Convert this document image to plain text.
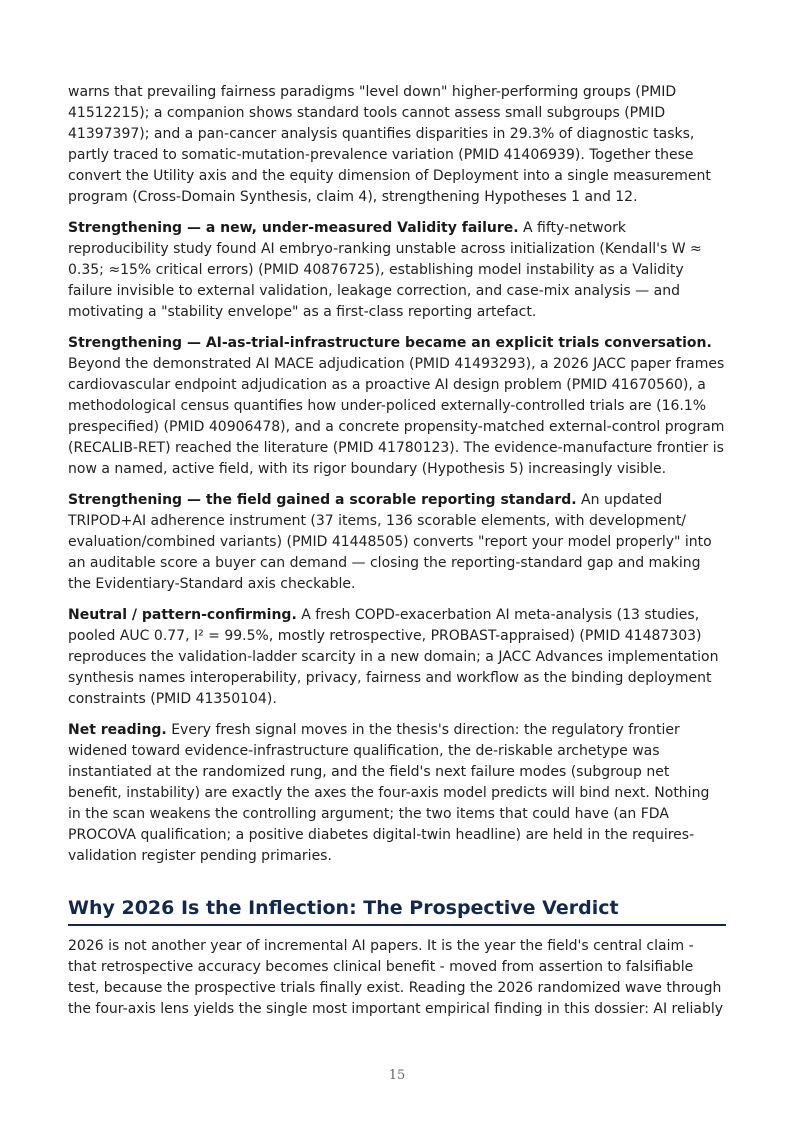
warns that prevailing fairness paradigms "level down" higher-performing groups (PMID 41512215); a companion shows standard tools cannot assess small subgroups (PMID 41397397); and a pan-cancer analysis quantifies disparities in 29.3% of diagnostic tasks, partly traced to somatic-mutation-prevalence variation (PMID 41406939). Together these convert the Utility axis and the equity dimension of Deployment into a single measurement program (Cross-Domain Synthesis, claim 4), strengthening Hypotheses 1 and 12.

Strengthening — a new, under-measured Validity failure. A fifty-network reproducibility study found AI embryo-ranking unstable across initialization (Kendall's W ≈ 0.35; ≈15% critical errors) (PMID 40876725), establishing model instability as a Validity failure invisible to external validation, leakage correction, and case-mix analysis — and motivating a "stability envelope" as a first-class reporting artefact.

Strengthening — AI-as-trial-infrastructure became an explicit trials conversation. Beyond the demonstrated AI MACE adjudication (PMID 41493293), a 2026 JACC paper frames cardiovascular endpoint adjudication as a proactive AI design problem (PMID 41670560), a methodological census quantifies how under-policed externally-controlled trials are (16.1% prespecified) (PMID 40906478), and a concrete propensity-matched external-control program (RECALIB-RET) reached the literature (PMID 41780123). The evidence-manufacture frontier is now a named, active field, with its rigor boundary (Hypothesis 5) increasingly visible.

Strengthening — the field gained a scorable reporting standard. An updated TRIPOD+AI adherence instrument (37 items, 136 scorable elements, with development/ evaluation/combined variants) (PMID 41448505) converts "report your model properly" into an auditable score a buyer can demand — closing the reporting-standard gap and making the Evidentiary-Standard axis checkable.

Neutral / pattern-confirming. A fresh COPD-exacerbation AI meta-analysis (13 studies, pooled AUC 0.77, I² = 99.5%, mostly retrospective, PROBAST-appraised) (PMID 41487303) reproduces the validation-ladder scarcity in a new domain; a JACC Advances implementation synthesis names interoperability, privacy, fairness and workflow as the binding deployment constraints (PMID 41350104).

Net reading. Every fresh signal moves in the thesis's direction: the regulatory frontier widened toward evidence-infrastructure qualification, the de-riskable archetype was instantiated at the randomized rung, and the field's next failure modes (subgroup net benefit, instability) are exactly the axes the four-axis model predicts will bind next. Nothing in the scan weakens the controlling argument; the two items that could have (an FDA PROCOVA qualification; a positive diabetes digital-twin headline) are held in the requires-validation register pending primaries.

Why 2026 Is the Inflection: The Prospective Verdict

2026 is not another year of incremental AI papers. It is the year the field's central claim - that retrospective accuracy becomes clinical benefit - moved from assertion to falsifiable test, because the prospective trials finally exist. Reading the 2026 randomized wave through the four-axis lens yields the single most important empirical finding in this dossier: AI reliably

15
